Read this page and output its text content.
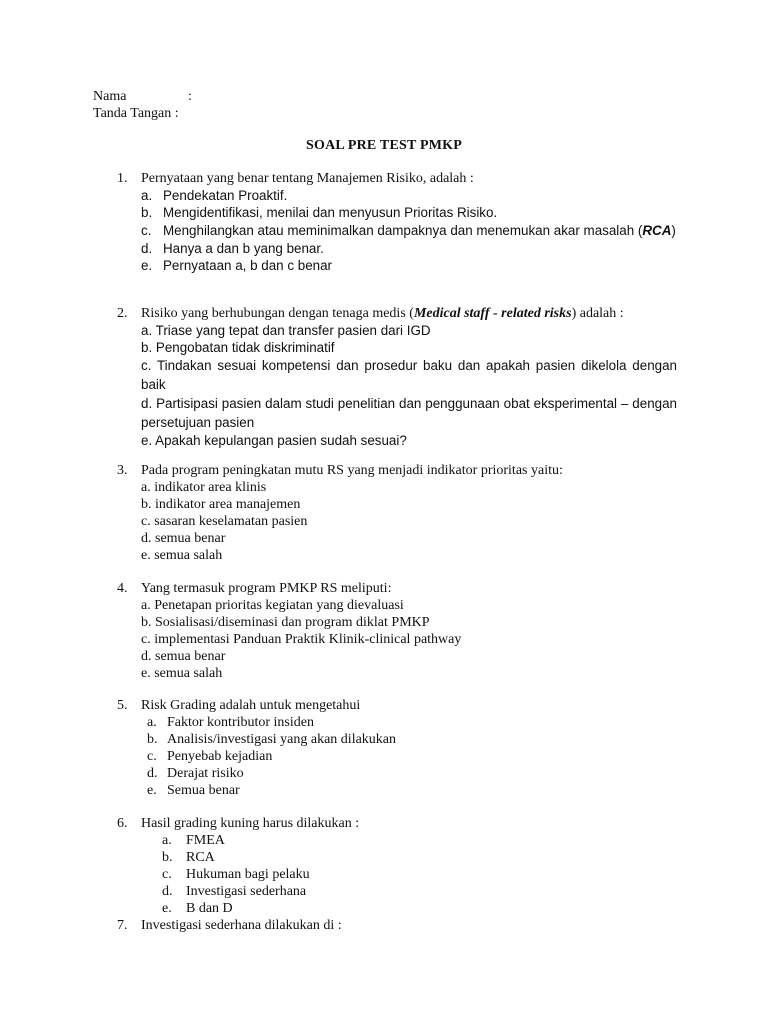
Nama	:
Tanda Tangan :
SOAL PRE TEST PMKP
1. Pernyataan yang benar tentang Manajemen Risiko, adalah :
a. Pendekatan Proaktif.
b. Mengidentifikasi, menilai dan menyusun Prioritas Risiko.
c. Menghilangkan atau meminimalkan dampaknya dan menemukan akar masalah (RCA)
d. Hanya a dan b yang benar.
e. Pernyataan a, b dan c benar
2. Risiko yang berhubungan dengan tenaga medis (Medical staff - related risks) adalah :
a. Triase yang tepat dan transfer pasien dari IGD
b. Pengobatan tidak diskriminatif
c. Tindakan sesuai kompetensi dan prosedur baku dan apakah pasien dikelola dengan baik
d. Partisipasi pasien dalam studi penelitian dan penggunaan obat eksperimental – dengan persetujuan pasien
e. Apakah kepulangan pasien sudah sesuai?
3. Pada program peningkatan mutu RS yang menjadi indikator prioritas yaitu:
a. indikator area klinis
b. indikator area manajemen
c. sasaran keselamatan pasien
d. semua benar
e. semua salah
4. Yang termasuk program PMKP RS meliputi:
a. Penetapan prioritas kegiatan yang dievaluasi
b. Sosialisasi/diseminasi dan program diklat PMKP
c. implementasi Panduan Praktik Klinik-clinical pathway
d. semua benar
e. semua salah
5. Risk Grading adalah untuk mengetahui
a. Faktor kontributor insiden
b. Analisis/investigasi yang akan dilakukan
c. Penyebab kejadian
d. Derajat risiko
e. Semua benar
6. Hasil grading kuning harus dilakukan :
a. FMEA
b. RCA
c. Hukuman bagi pelaku
d. Investigasi sederhana
e. B dan D
7. Investigasi sederhana dilakukan di :
